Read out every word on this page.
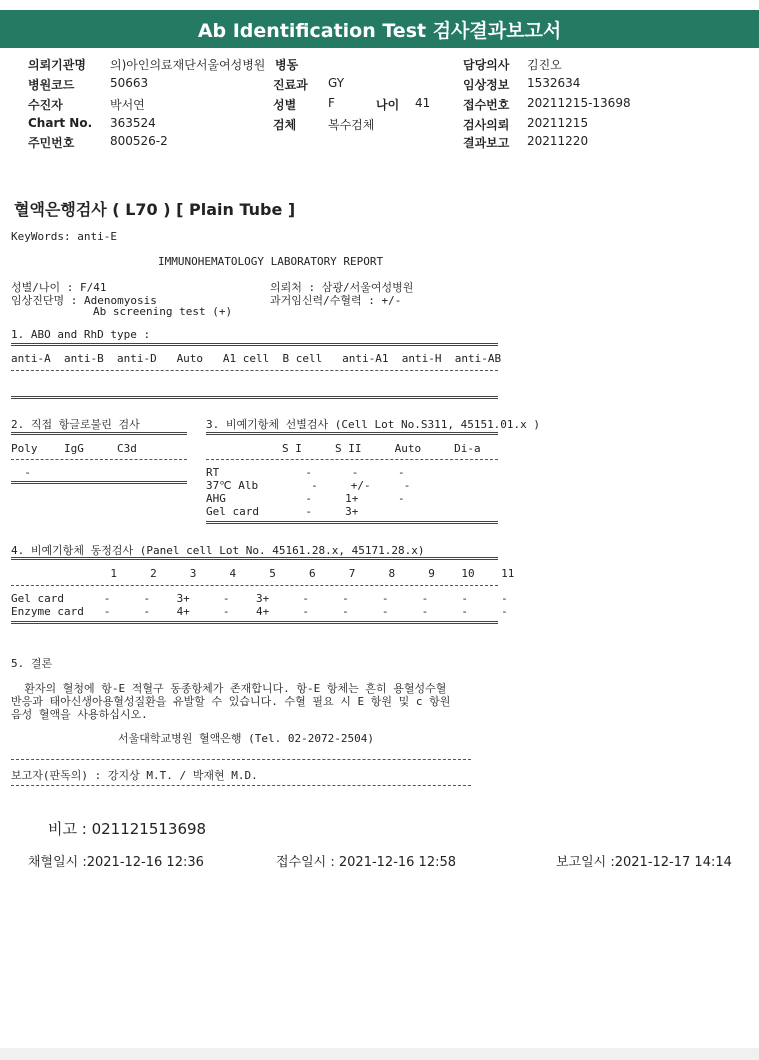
Ab Identification Test 검사결과보고서
의뢰기관명 의)아인의료재단서울여성병원
병원코드	50663
수진자	박서연
Chart No. 363524
주민번호	800526-2
병동
진료과 GY
성별	F	나이 41
검체	복수검체
담당의사 김진오
임상정보 1532634
접수번호 20211215-13698
검사의뢰 20211215
결과보고 20211220
혈액은행검사 ( L70 ) [ Plain Tube ]
KeyWords: anti-E
IMMUNOHEMATOLOGY LABORATORY REPORT
성별/나이 : F/41
임상진단명 : Adenomyosis
Ab screening test (+)
의뢰처 : 삼광/서울여성병원
과거임신력/수혈력 : +/-
1. ABO and RhD type :
anti-A  anti-B  anti-D   Auto   A1 cell  B cell   anti-A1  anti-H  anti-AB
2. 직접 항글로불린 검사
Poly    IgG     C3d
-
3. 비예기항체 선별검사 (Cell Lot No.S311, 45151.01.x )
S I     S II     Auto     Di-a
RT             -      -      -
37℃ Alb        -     +/-     -
AHG            -     1+      -
Gel card       -     3+
4. 비예기항체 동정검사 (Panel cell Lot No. 45161.28.x, 45171.28.x)
1     2     3     4     5     6     7     8     9    10    11
Gel card      -     -    3+     -    3+     -     -     -     -     -     -
Enzyme card   -     -    4+     -    4+     -     -     -     -     -     -
5. 결론
환자의 혈청에 항-E 적혈구 동종항체가 존재합니다. 항-E 항체는 흔히 용혈성수혈
반응과 태아신생아용혈성질환을 유발할 수 있습니다. 수혈 필요 시 E 항원 및 c 항원
음성 혈액을 사용하십시오.
서울대학교병원 혈액은행 (Tel. 02-2072-2504)
보고자(판독의) : 강지상 M.T. / 박재현 M.D.
비고 : 021121513698
채혈일시 :2021-12-16 12:36	접수일시 : 2021-12-16 12:58	보고일시 :2021-12-17 14:14
